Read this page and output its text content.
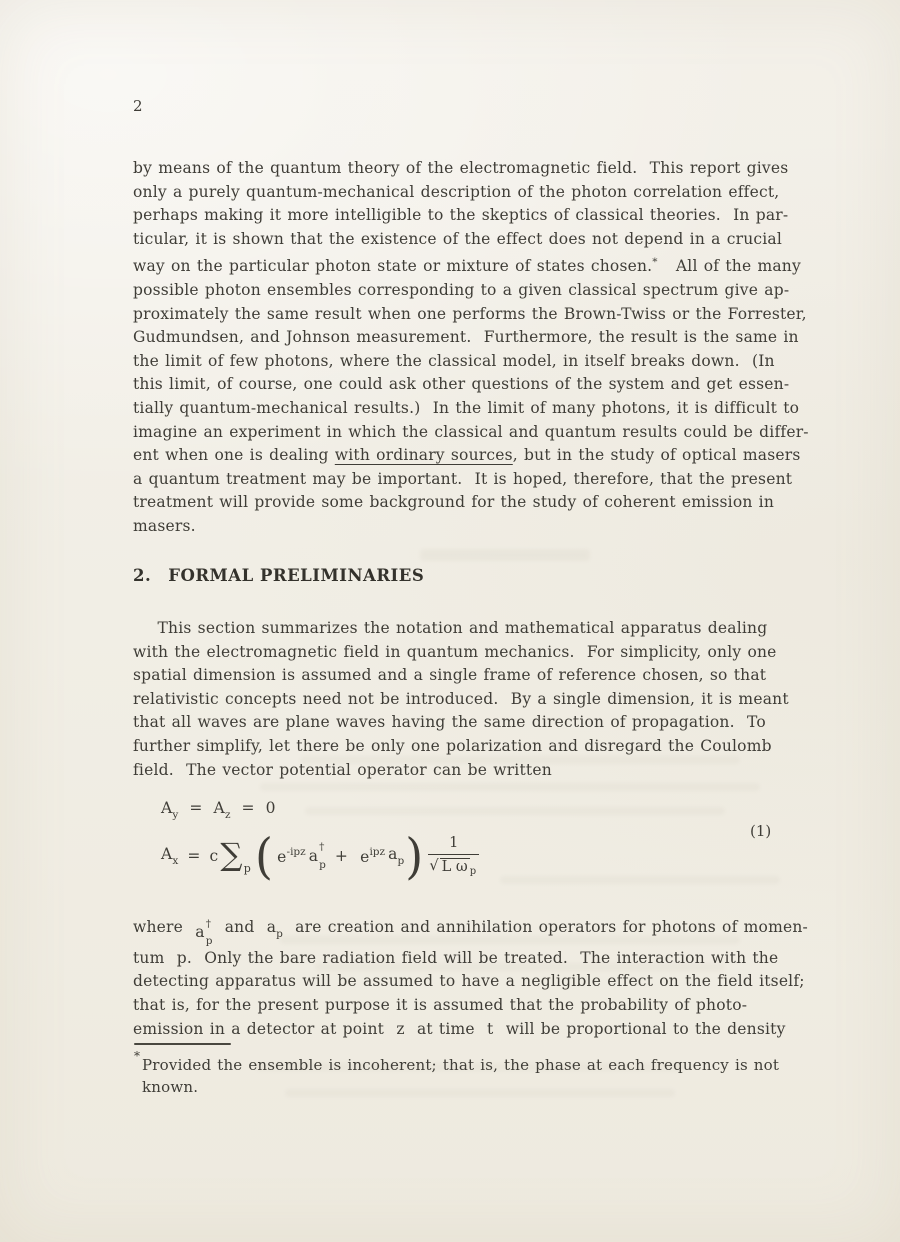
2
by means of the quantum theory of the electromagnetic field.  This report gives
only a purely quantum-mechanical description of the photon correlation effect,
perhaps making it more intelligible to the skeptics of classical theories.  In par-
ticular, it is shown that the existence of the effect does not depend in a crucial
way on the particular photon state or mixture of states chosen.*   All of the many
possible photon ensembles corresponding to a given classical spectrum give ap-
proximately the same result when one performs the Brown-Twiss or the Forrester,
Gudmundsen, and Johnson measurement.  Furthermore, the result is the same in
the limit of few photons, where the classical model, in itself breaks down.  (In
this limit, of course, one could ask other questions of the system and get essen-
tially quantum-mechanical results.)  In the limit of many photons, it is difficult to
imagine an experiment in which the classical and quantum results could be differ-
ent when one is dealing with ordinary sources, but in the study of optical masers
a quantum treatment may be important.  It is hoped, therefore, that the present
treatment will provide some background for the study of coherent emission in
masers.
2. FORMAL PRELIMINARIES
This section summarizes the notation and mathematical apparatus dealing
with the electromagnetic field in quantum mechanics.  For simplicity, only one
spatial dimension is assumed and a single frame of reference chosen, so that
relativistic concepts need not be introduced.  By a single dimension, it is meant
that all waves are plane waves having the same direction of propagation.  To
further simplify, let there be only one polarization and disregard the Coulomb
field.  The vector potential operator can be written
$A_y = A_z = 0$
$A_x = c$ ∑ p ( $e^{-ipz}$ a †
$p + e^{ipz}$ $a_p$ ) $\frac{1}{\text{√ L ω p}}$
(1)
where a †
p
and  $a_p$  are creation and annihilation operators for photons of momen-
tum  p.  Only the bare radiation field will be treated.  The interaction with the
detecting apparatus will be assumed to have a negligible effect on the field itself;
that is, for the present purpose it is assumed that the probability of photo-
emission in a detector at point  z  at time  t  will be proportional to the density
* Provided the ensemble is incoherent; that is, the phase at each frequency is not
known.
